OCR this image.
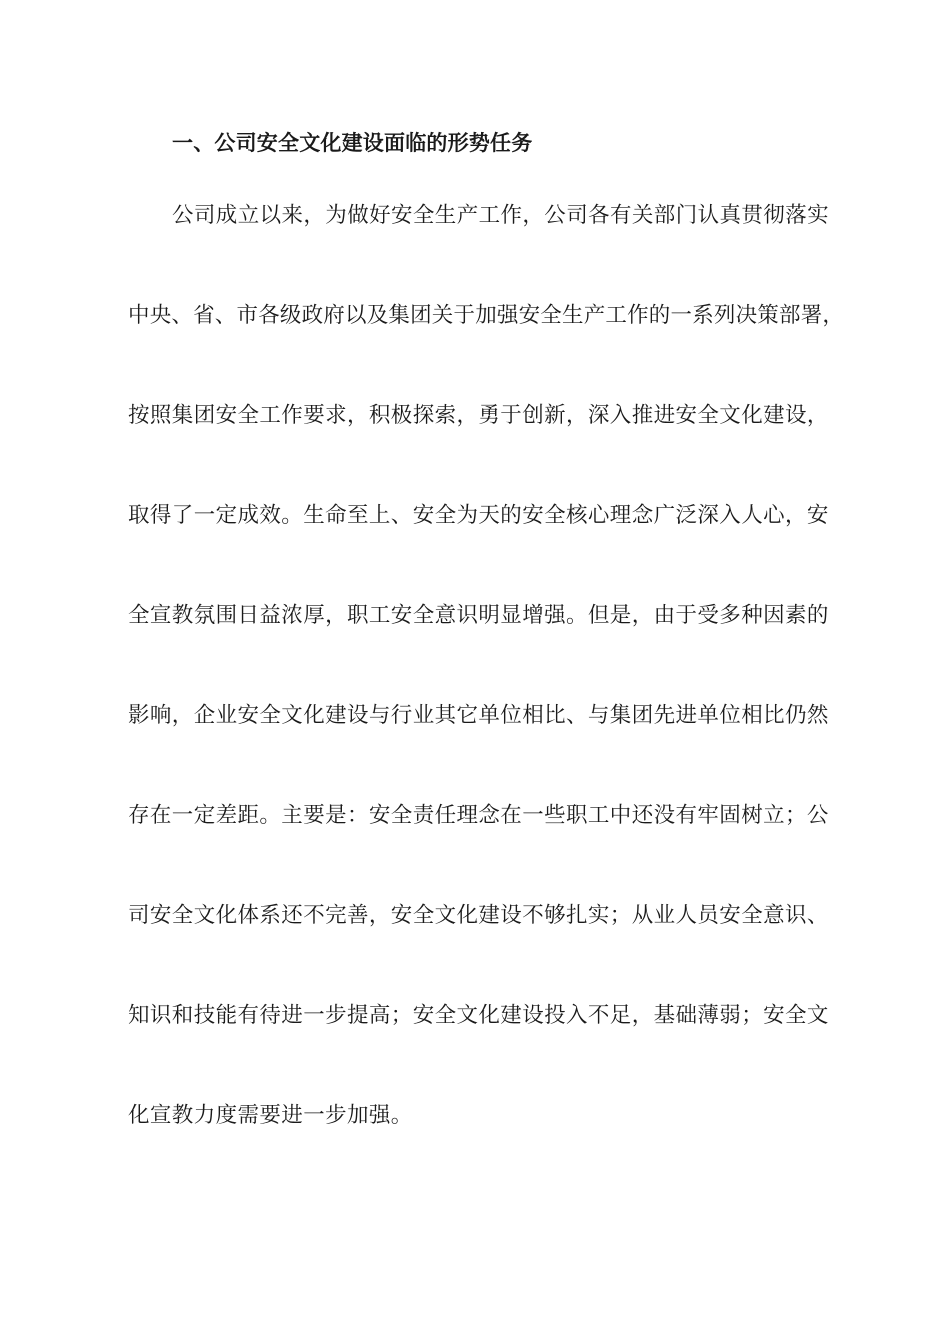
一、公司安全文化建设面临的形势任务
公司成立以来，为做好安全生产工作，公司各有关部门认真贯彻落实
中央、省、市各级政府以及集团关于加强安全生产工作的一系列决策部署，
按照集团安全工作要求，积极探索，勇于创新，深入推进安全文化建设，
取得了一定成效。生命至上、安全为天的安全核心理念广泛深入人心，安
全宣教氛围日益浓厚，职工安全意识明显增强。但是，由于受多种因素的
影响，企业安全文化建设与行业其它单位相比、与集团先进单位相比仍然
存在一定差距。主要是：安全责任理念在一些职工中还没有牢固树立；公
司安全文化体系还不完善，安全文化建设不够扎实；从业人员安全意识、
知识和技能有待进一步提高；安全文化建设投入不足，基础薄弱；安全文
化宣教力度需要进一步加强。
